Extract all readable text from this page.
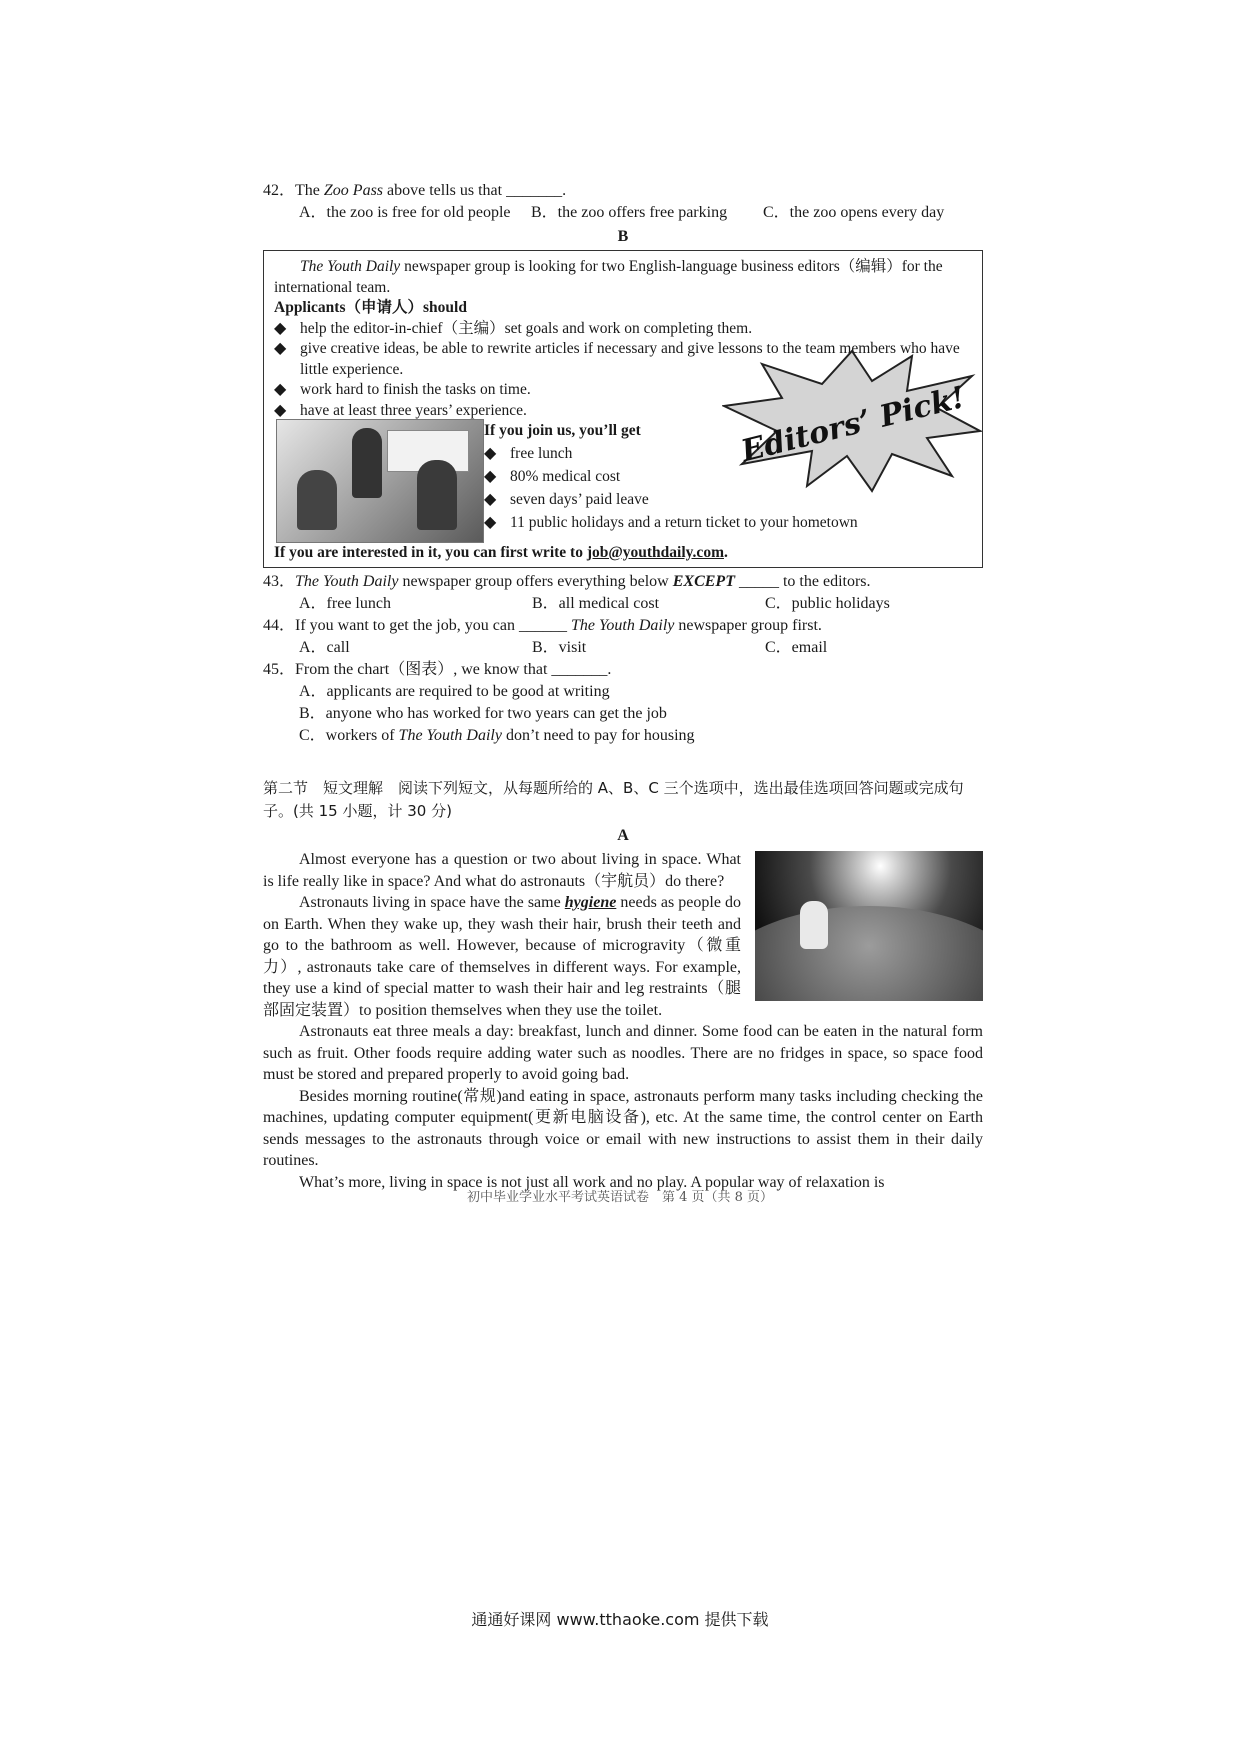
42．The Zoo Pass above tells us that _______.

A．the zoo is free for old people	B．the zoo offers free parking	C．the zoo opens every day
B

The Youth Daily newspaper group is looking for two English-language business editors（编辑）for the international team.

Applicants（申请人）should
◆ help the editor-in-chief（主编）set goals and work on completing them.
◆ give creative ideas, be able to rewrite articles if necessary and give lessons to the team members who have little experience.
◆ work hard to finish the tasks on time.
◆ have at least three years’ experience.	Editors’ Pick!
If you join us, you’ll get
◆ free lunch
◆ 80% medical cost
◆ seven days’ paid leave
◆ 11 public holidays and a return ticket to your hometown
If you are interested in it, you can first write to job@youthdaily.com.

43．The Youth Daily newspaper group offers everything below EXCEPT _____ to the editors.

A．free lunch	B．all medical cost	C．public holidays

44．If you want to get the job, you can ______ The Youth Daily newspaper group first.

A．call	B．visit	C．email

45．From the chart（图表）, we know that _______.

A．applicants are required to be good at writing
B．anyone who has worked for two years can get the job
C．workers of The Youth Daily don’t need to pay for housing
第二节　短文理解　阅读下列短文，从每题所给的 A、B、C 三个选项中，选出最佳选项回答问题或完成句子。(共 15 小题，计 30 分)
A

Almost everyone has a question or two about living in space. What is life really like in space? And what do astronauts（宇航员）do there?

Astronauts living in space have the same hygiene needs as people do on Earth. When they wake up, they wash their hair, brush their teeth and go to the bathroom as well. However, because of microgravity（微重力）, astronauts take care of themselves in different ways. For example, they use a kind of special matter to wash their hair and leg restraints（腿部固定装置）to position themselves when they use the toilet.

Astronauts eat three meals a day: breakfast, lunch and dinner. Some food can be eaten in the natural form such as fruit. Other foods require adding water such as noodles. There are no fridges in space, so space food must be stored and prepared properly to avoid going bad.

Besides morning routine(常规)and eating in space, astronauts perform many tasks including checking the machines, updating computer equipment(更新电脑设备), etc. At the same time, the control center on Earth sends messages to the astronauts through voice or email with new instructions to assist them in their daily routines.

What’s more, living in space is not just all work and no play. A popular way of relaxation is

初中毕业学业水平考试英语试卷　第 4 页（共 8 页）
通通好课网 www.tthaoke.com 提供下载
